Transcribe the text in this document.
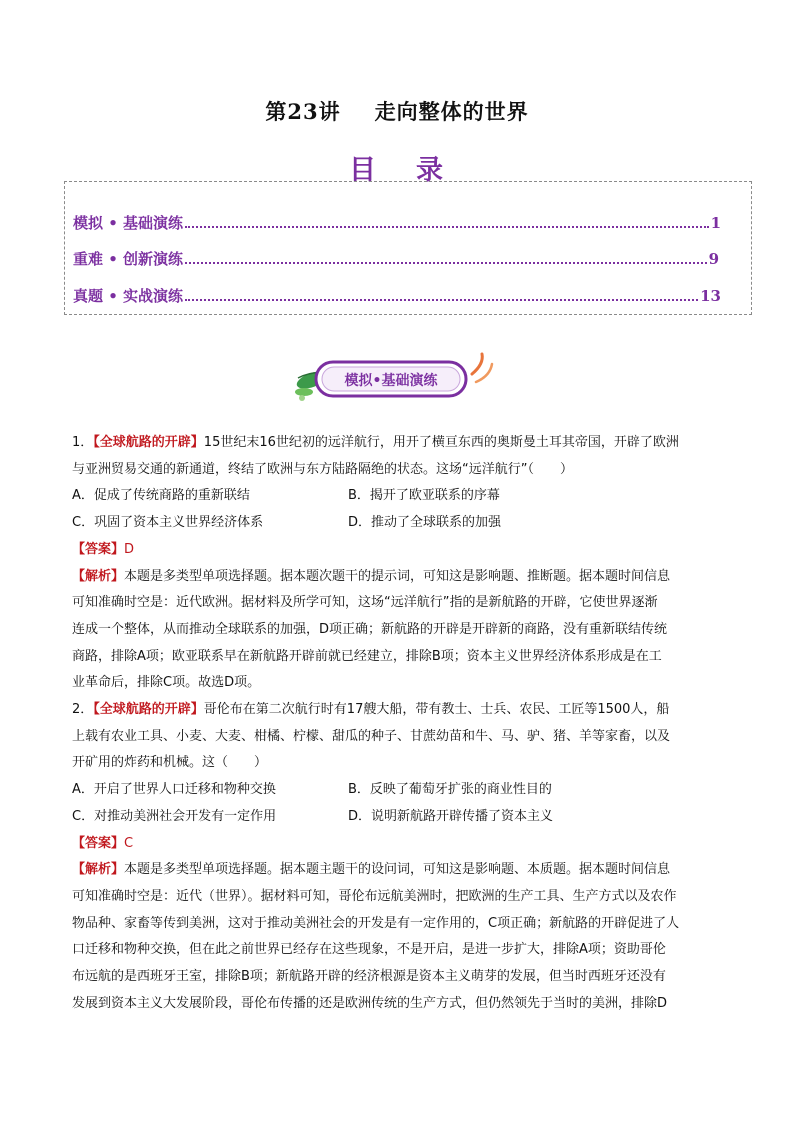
第23讲 走向整体的世界
目 录
模拟 • 基础演练	1
重难 • 创新演练	9
真题 • 实战演练	13
模拟•基础演练

1．【全球航路的开辟】15世纪末16世纪初的远洋航行，用开了横亘东西的奥斯曼土耳其帝国，开辟了欧洲

与亚洲贸易交通的新通道，终结了欧洲与东方陆路隔绝的状态。这场“远洋航行”（　　）

A．促成了传统商路的重新联结	B．揭开了欧亚联系的序幕
C．巩固了资本主义世界经济体系	D．推动了全球联系的加强

【答案】D

【解析】本题是多类型单项选择题。据本题次题干的提示词，可知这是影响题、推断题。据本题时间信息

可知准确时空是：近代欧洲。据材料及所学可知，这场“远洋航行”指的是新航路的开辟，它使世界逐渐

连成一个整体，从而推动全球联系的加强，D项正确；新航路的开辟是开辟新的商路，没有重新联结传统

商路，排除A项；欧亚联系早在新航路开辟前就已经建立，排除B项；资本主义世界经济体系形成是在工

业革命后，排除C项。故选D项。

2．【全球航路的开辟】哥伦布在第二次航行时有17艘大船，带有教士、士兵、农民、工匠等1500人，船

上载有农业工具、小麦、大麦、柑橘、柠檬、甜瓜的种子、甘蔗幼苗和牛、马、驴、猪、羊等家畜，以及

开矿用的炸药和机械。这（　　）

A．开启了世界人口迁移和物种交换	B．反映了葡萄牙扩张的商业性目的
C．对推动美洲社会开发有一定作用	D．说明新航路开辟传播了资本主义

【答案】C

【解析】本题是多类型单项选择题。据本题主题干的设问词，可知这是影响题、本质题。据本题时间信息

可知准确时空是：近代（世界）。据材料可知，哥伦布远航美洲时，把欧洲的生产工具、生产方式以及农作

物品种、家畜等传到美洲，这对于推动美洲社会的开发是有一定作用的，C项正确；新航路的开辟促进了人

口迁移和物种交换，但在此之前世界已经存在这些现象，不是开启，是进一步扩大，排除A项；资助哥伦

布远航的是西班牙王室，排除B项；新航路开辟的经济根源是资本主义萌芽的发展，但当时西班牙还没有

发展到资本主义大发展阶段，哥伦布传播的还是欧洲传统的生产方式，但仍然领先于当时的美洲，排除D
